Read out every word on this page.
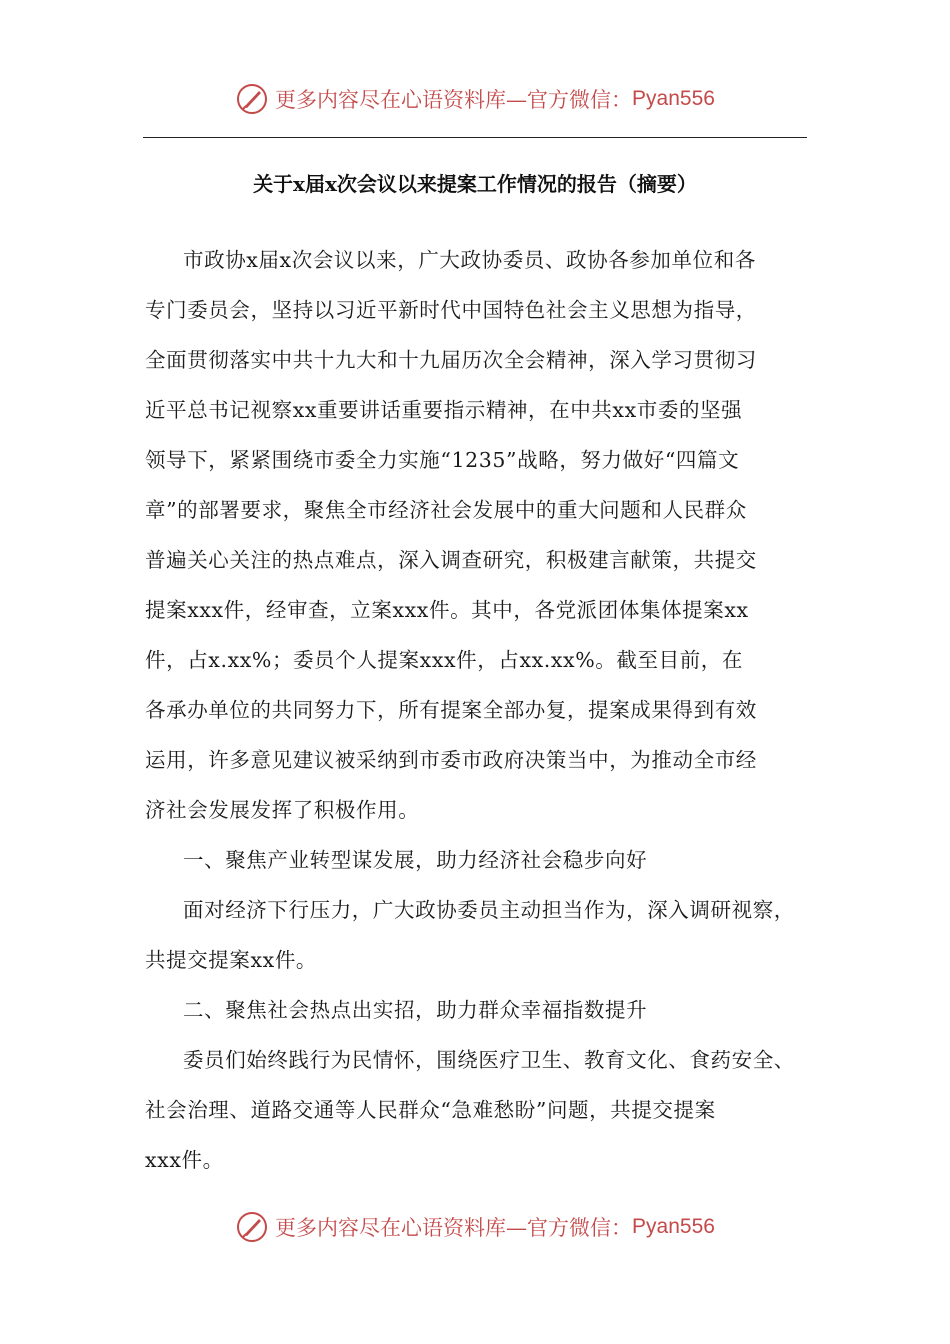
更多内容尽在心语资料库—官方微信： Pyan556
关于x届x次会议以来提案工作情况的报告（摘要）
市政协x届x次会议以来，广大政协委员、政协各参加单位和各
专门委员会，坚持以习近平新时代中国特色社会主义思想为指导，
全面贯彻落实中共十九大和十九届历次全会精神，深入学习贯彻习
近平总书记视察xx重要讲话重要指示精神，在中共xx市委的坚强
领导下，紧紧围绕市委全力实施“1235”战略，努力做好“四篇文
章”的部署要求，聚焦全市经济社会发展中的重大问题和人民群众
普遍关心关注的热点难点，深入调查研究，积极建言献策，共提交
提案xxx件，经审查，立案xxx件。其中，各党派团体集体提案xx
件，占x.xx%；委员个人提案xxx件，占xx.xx%。截至目前，在
各承办单位的共同努力下，所有提案全部办复，提案成果得到有效
运用，许多意见建议被采纳到市委市政府决策当中，为推动全市经
济社会发展发挥了积极作用。
一、聚焦产业转型谋发展，助力经济社会稳步向好
面对经济下行压力，广大政协委员主动担当作为，深入调研视察，
共提交提案xx件。
二、聚焦社会热点出实招，助力群众幸福指数提升
委员们始终践行为民情怀，围绕医疗卫生、教育文化、食药安全、
社会治理、道路交通等人民群众“急难愁盼”问题，共提交提案
xxx件。
更多内容尽在心语资料库—官方微信： Pyan556
